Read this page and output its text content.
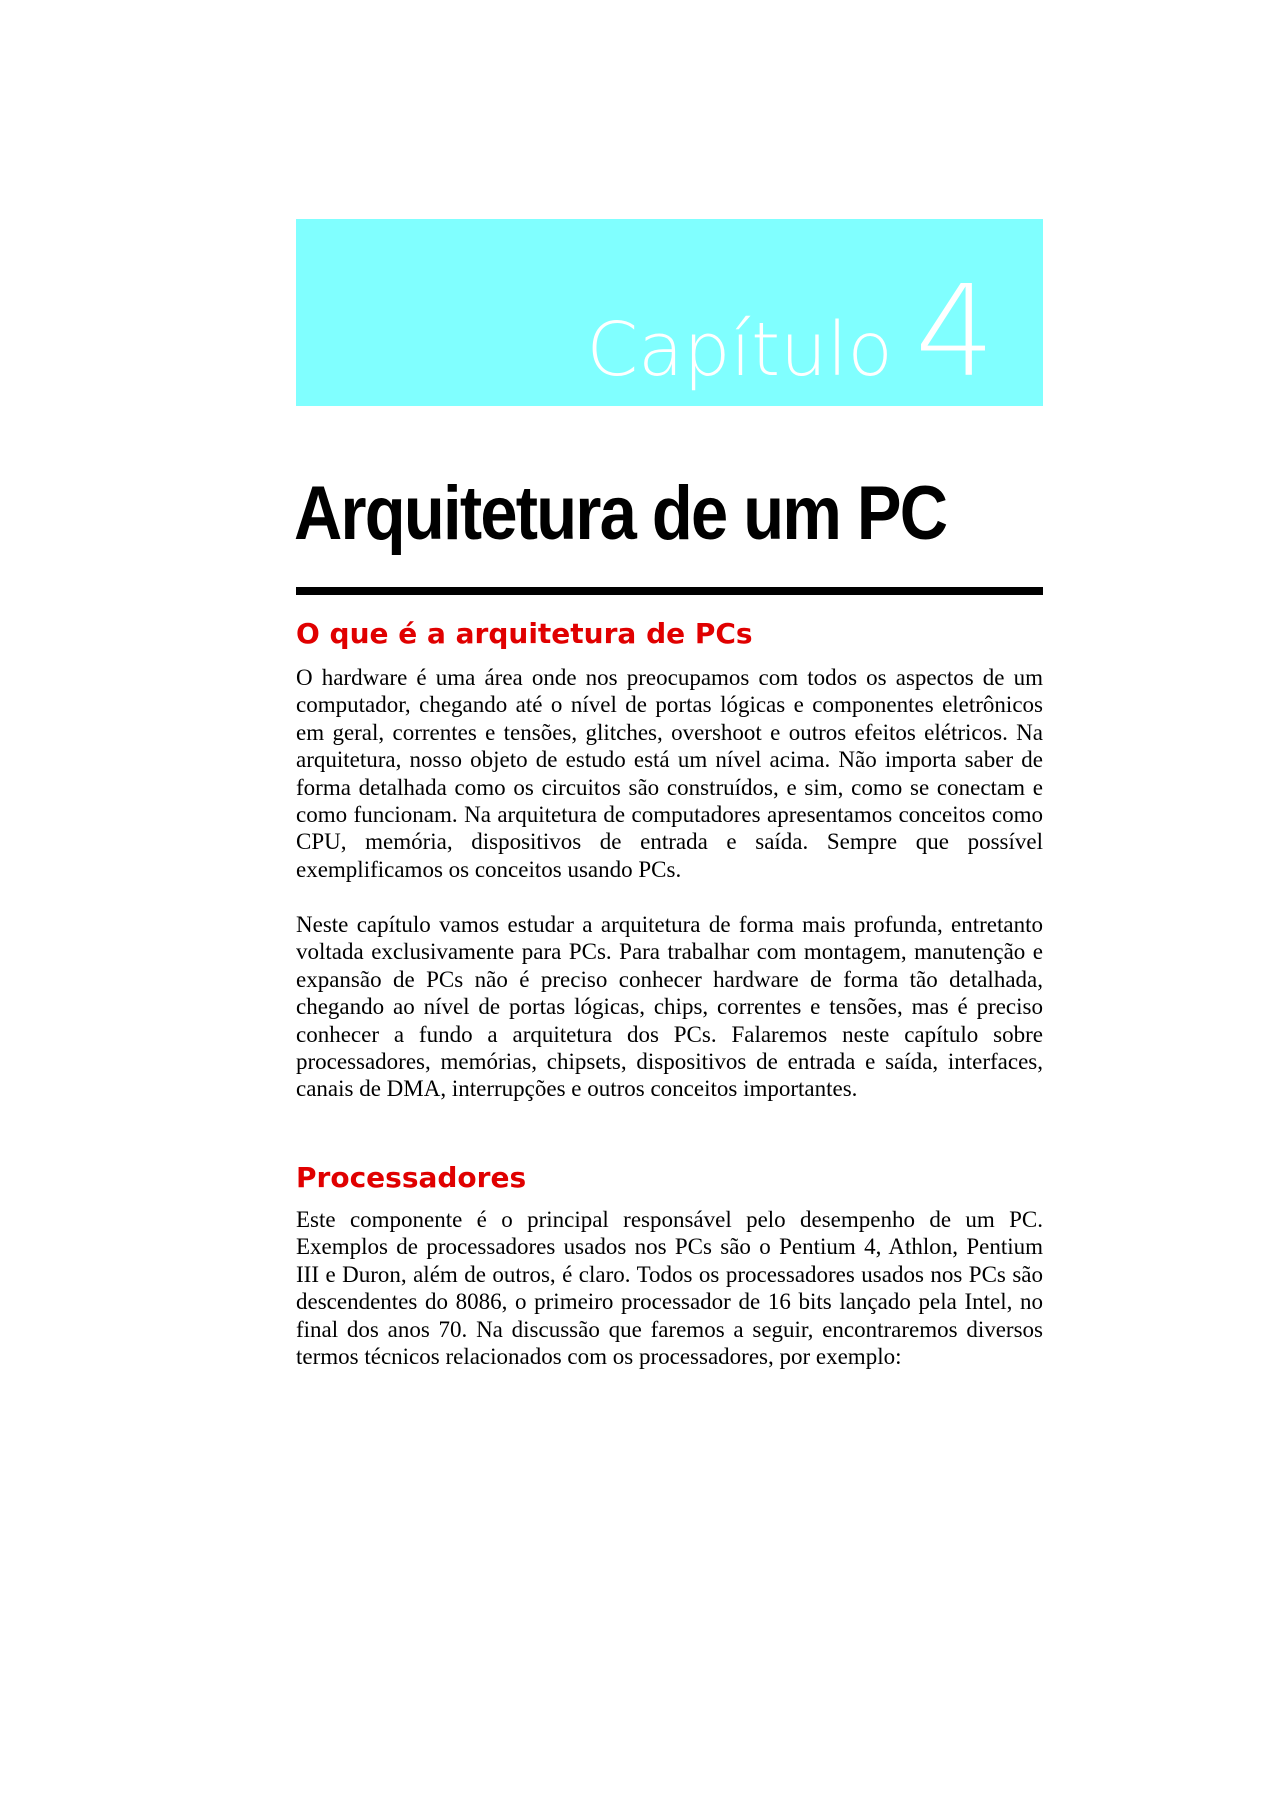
Capítulo 4
Arquitetura de um PC
O que é a arquitetura de PCs

O hardware é uma área onde nos preocupamos com todos os aspectos de um computador, chegando até o nível de portas lógicas e componentes eletrônicos em geral, correntes e tensões, glitches, overshoot e outros efeitos elétricos. Na arquitetura, nosso objeto de estudo está um nível acima. Não importa saber de forma detalhada como os circuitos são construídos, e sim, como se conectam e como funcionam. Na arquitetura de computadores apresentamos conceitos como CPU, memória, dispositivos de entrada e saída. Sempre que possível exemplificamos os conceitos usando PCs.

Neste capítulo vamos estudar a arquitetura de forma mais profunda, entretanto voltada exclusivamente para PCs. Para trabalhar com montagem, manutenção e expansão de PCs não é preciso conhecer hardware de forma tão detalhada, chegando ao nível de portas lógicas, chips, correntes e tensões, mas é preciso conhecer a fundo a arquitetura dos PCs. Falaremos neste capítulo sobre processadores, memórias, chipsets, dispositivos de entrada e saída, interfaces, canais de DMA, interrupções e outros conceitos importantes.

Processadores

Este componente é o principal responsável pelo desempenho de um PC. Exemplos de processadores usados nos PCs são o Pentium 4, Athlon, Pentium III e Duron, além de outros, é claro. Todos os processadores usados nos PCs são descendentes do 8086, o primeiro processador de 16 bits lançado pela Intel, no final dos anos 70. Na discussão que faremos a seguir, encontraremos diversos termos técnicos relacionados com os processadores, por exemplo:
